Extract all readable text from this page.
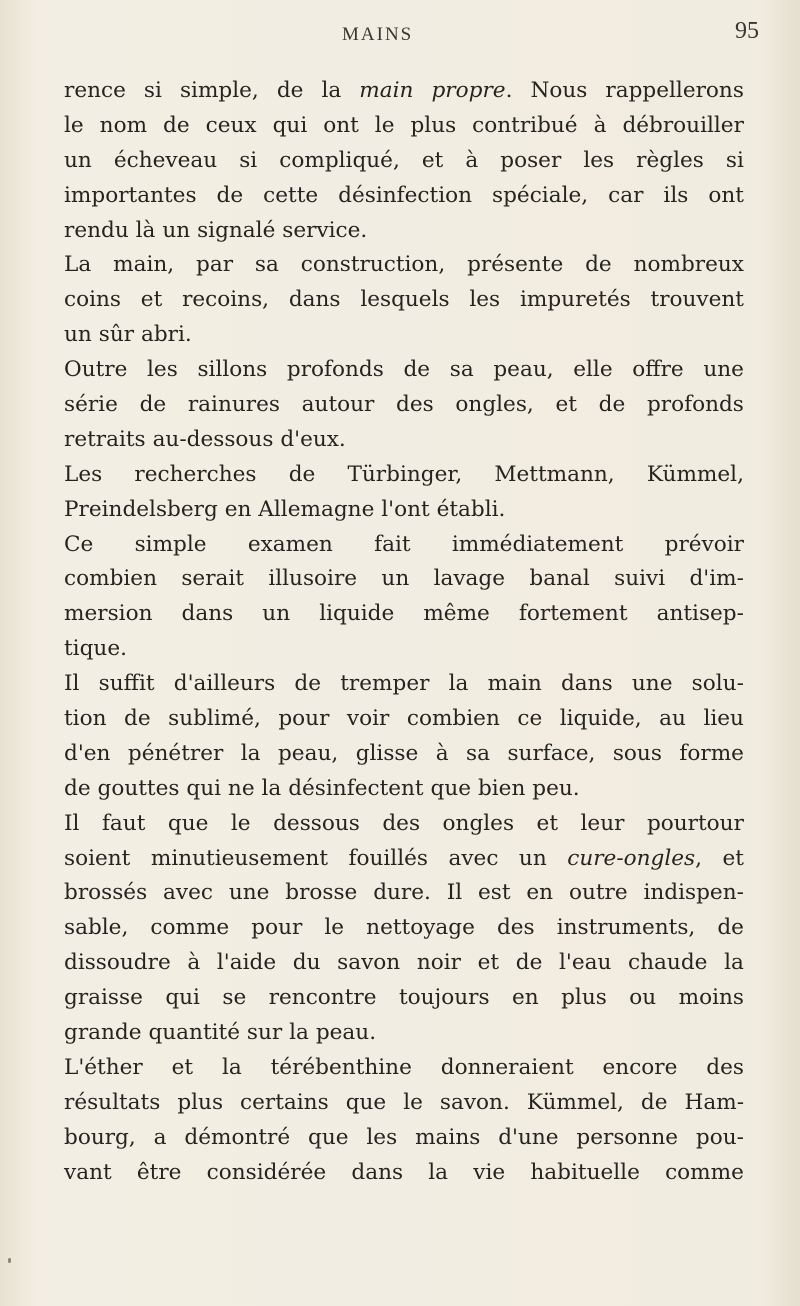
MAINS	95
rence si simple, de la main propre. Nous rappellerons
le nom de ceux qui ont le plus contribué à débrouiller
un écheveau si compliqué, et à poser les règles si
importantes de cette désinfection spéciale, car ils ont
rendu là un signalé service.
La main, par sa construction, présente de nombreux
coins et recoins, dans lesquels les impuretés trouvent
un sûr abri.
Outre les sillons profonds de sa peau, elle offre une
série de rainures autour des ongles, et de profonds
retraits au-dessous d'eux.
Les recherches de Türbinger, Mettmann, Kümmel,
Preindelsberg en Allemagne l'ont établi.
Ce simple examen fait immédiatement prévoir
combien serait illusoire un lavage banal suivi d'im-
mersion dans un liquide même fortement antisep-
tique.
Il suffit d'ailleurs de tremper la main dans une solu-
tion de sublimé, pour voir combien ce liquide, au lieu
d'en pénétrer la peau, glisse à sa surface, sous forme
de gouttes qui ne la désinfectent que bien peu.
Il faut que le dessous des ongles et leur pourtour
soient minutieusement fouillés avec un cure-ongles, et
brossés avec une brosse dure. Il est en outre indispen-
sable, comme pour le nettoyage des instruments, de
dissoudre à l'aide du savon noir et de l'eau chaude la
graisse qui se rencontre toujours en plus ou moins
grande quantité sur la peau.
L'éther et la térébenthine donneraient encore des
résultats plus certains que le savon. Kümmel, de Ham-
bourg, a démontré que les mains d'une personne pou-
vant être considérée dans la vie habituelle comme
